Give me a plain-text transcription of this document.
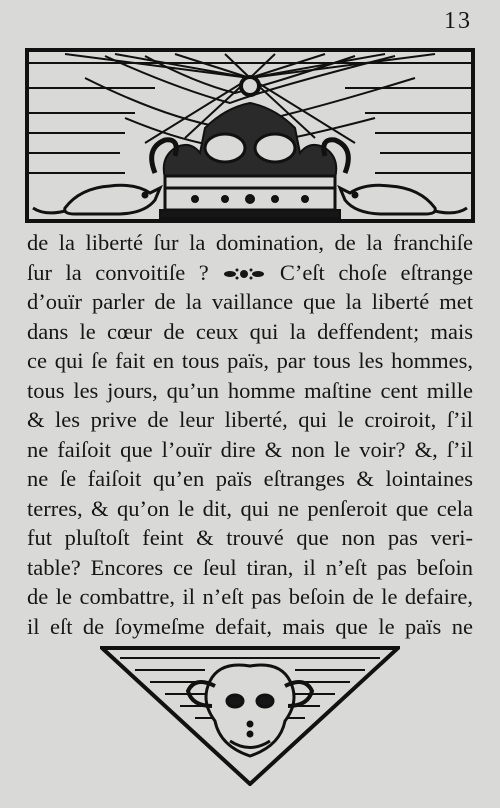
13
de la liberté ſur la domination, de la franchiſe
ſur la convoitiſe ?	C’eſt choſe eſtrange
d’ouïr parler de la vaillance que la liberté met
dans le cœur de ceux qui la deffendent; mais
ce qui ſe fait en tous païs, par tous les hommes,
tous les jours, qu’un homme maſtine cent mille
& les prive de leur liberté, qui le croiroit, ſ’il
ne faiſoit que l’ouïr dire & non le voir? &, ſ’il
ne ſe faiſoit qu’en païs eſtranges & lointaines
terres, & qu’on le dit, qui ne penſeroit que cela
fut pluſtoſt feint & trouvé que non pas veri-
table? Encores ce ſeul tiran, il n’eſt pas beſoin
de le combattre, il n’eſt pas beſoin de le defaire,
il eſt de ſoymeſme defait, mais que le païs ne
